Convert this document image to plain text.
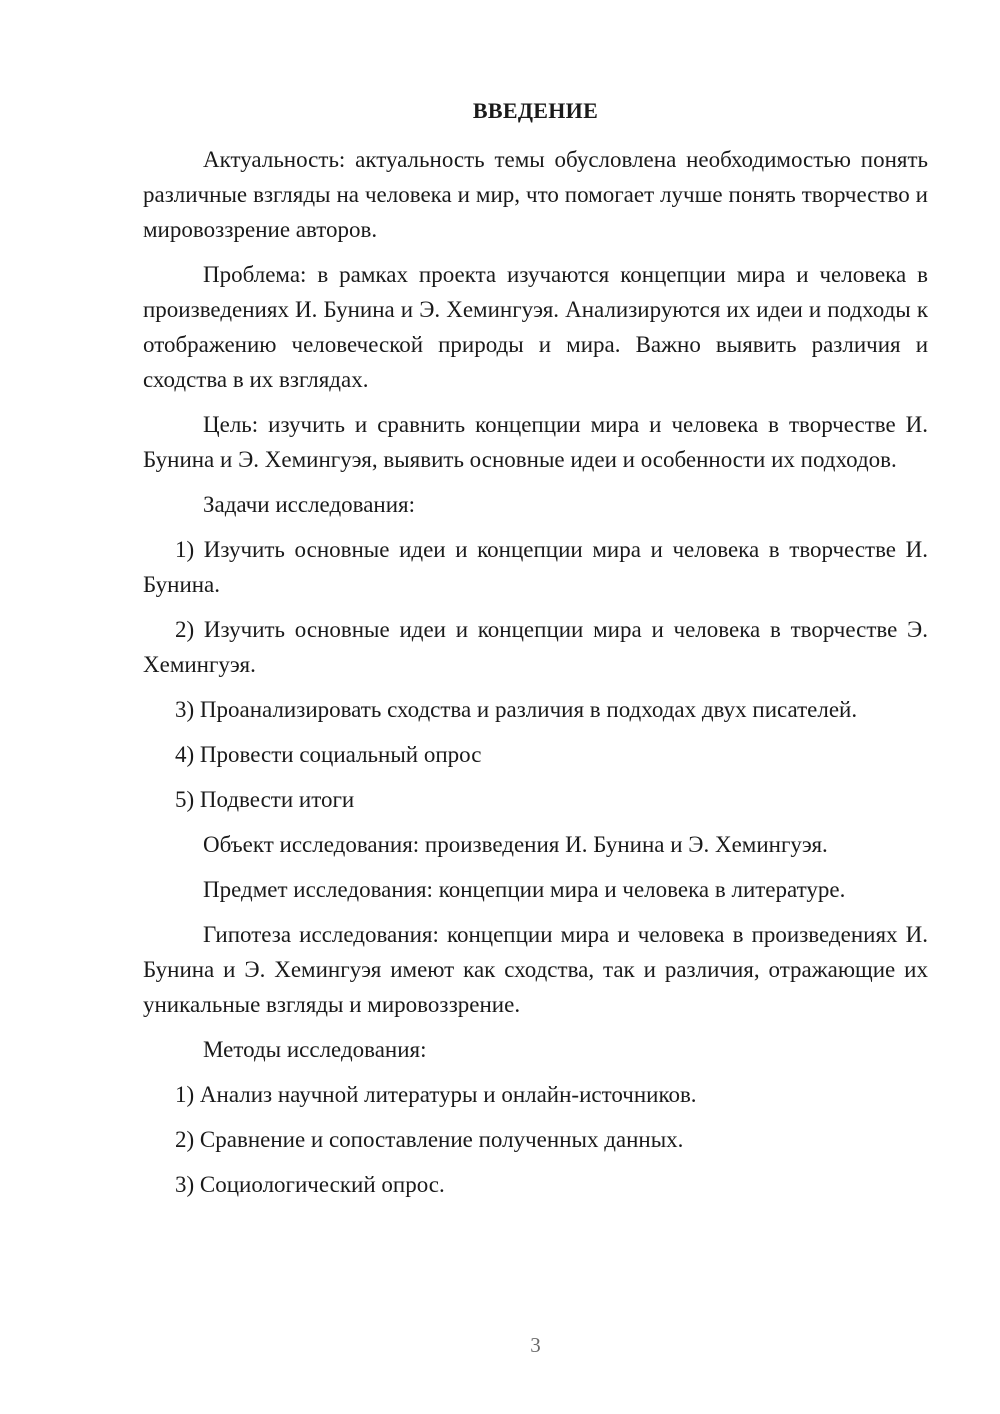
ВВЕДЕНИЕ

Актуальность: актуальность темы обусловлена необходимостью понять различные взгляды на человека и мир, что помогает лучше понять творчество и мировоззрение авторов.

Проблема: в рамках проекта изучаются концепции мира и человека в произведениях И. Бунина и Э. Хемингуэя. Анализируются их идеи и подходы к отображению человеческой природы и мира. Важно выявить различия и сходства в их взглядах.

Цель: изучить и сравнить концепции мира и человека в творчестве И. Бунина и Э. Хемингуэя, выявить основные идеи и особенности их подходов.

Задачи исследования:

1) Изучить основные идеи и концепции мира и человека в творчестве И. Бунина.

2) Изучить основные идеи и концепции мира и человека в творчестве Э. Хемингуэя.

3) Проанализировать сходства и различия в подходах двух писателей.

4) Провести социальный опрос

5) Подвести итоги

Объект исследования: произведения И. Бунина и Э. Хемингуэя.

Предмет исследования: концепции мира и человека в литературе.

Гипотеза исследования: концепции мира и человека в произведениях И. Бунина и Э. Хемингуэя имеют как сходства, так и различия, отражающие их уникальные взгляды и мировоззрение.

Методы исследования:

1) Анализ научной литературы и онлайн-источников.

2) Сравнение и сопоставление полученных данных.

3) Социологический опрос.

3
